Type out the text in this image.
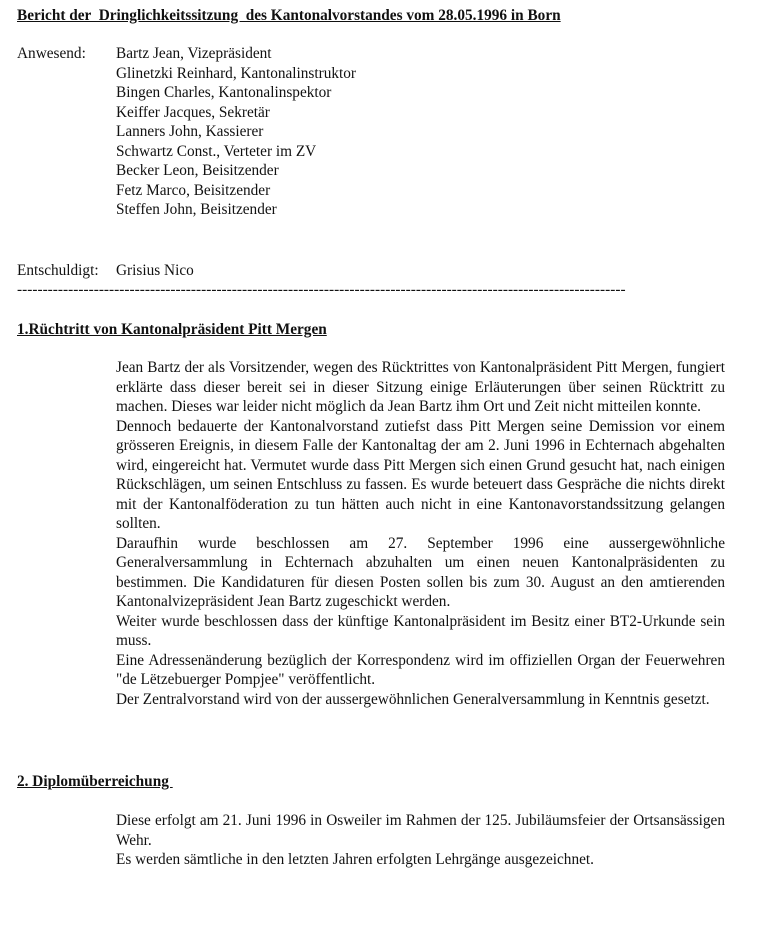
Bericht der  Dringlichkeitssitzung  des Kantonalvorstandes vom 28.05.1996 in Born
Anwesend:	Bartz Jean, Vizepräsident
Glinetzki Reinhard, Kantonalinstruktor
Bingen Charles, Kantonalinspektor
Keiffer Jacques, Sekretär
Lanners John, Kassierer
Schwartz Const., Verteter im ZV
Becker Leon, Beisitzender
Fetz Marco, Beisitzender
Steffen John, Beisitzender
Entschuldigt:	Grisius Nico
-----------------------------------------------------------------------------------------------------------------------
1.Rüchtritt von Kantonalpräsident Pitt Mergen

Jean Bartz der als Vorsitzender, wegen des Rücktrittes von Kantonalpräsident Pitt Mergen, fungiert erklärte dass dieser bereit sei in dieser Sitzung einige Erläuterungen über seinen Rücktritt zu machen. Dieses war leider nicht möglich da Jean Bartz ihm Ort und Zeit nicht mitteilen konnte.

Dennoch bedauerte der Kantonalvorstand zutiefst dass Pitt Mergen seine Demission vor einem grösseren Ereignis, in diesem Falle der Kantonaltag der am 2. Juni 1996 in Echternach abgehalten wird, eingereicht hat. Vermutet wurde dass Pitt Mergen sich einen Grund gesucht hat, nach einigen Rückschlägen, um seinen Entschluss zu fassen. Es wurde beteuert dass Gespräche die nichts direkt mit der Kantonalföderation zu tun hätten auch nicht in eine Kantonavorstandssitzung gelangen sollten.

Daraufhin wurde beschlossen am 27. September 1996 eine aussergewöhnliche Generalversammlung in Echternach abzuhalten um einen neuen Kantonalpräsidenten zu bestimmen. Die Kandidaturen für diesen Posten sollen bis zum 30. August an den amtierenden Kantonalvizepräsident Jean Bartz zugeschickt werden.

Weiter wurde beschlossen dass der künftige Kantonalpräsident im Besitz einer BT2-Urkunde sein muss.

Eine Adressenänderung bezüglich der Korrespondenz wird im offiziellen Organ der Feuerwehren "de Lëtzebuerger Pompjee" veröffentlicht.

Der Zentralvorstand wird von der aussergewöhnlichen Generalversammlung in Kenntnis gesetzt.

2. Diplomüberreichung

Diese erfolgt am 21. Juni 1996 in Osweiler im Rahmen der 125. Jubiläumsfeier der Ortsansässigen Wehr.

Es werden sämtliche in den letzten Jahren erfolgten Lehrgänge ausgezeichnet.
